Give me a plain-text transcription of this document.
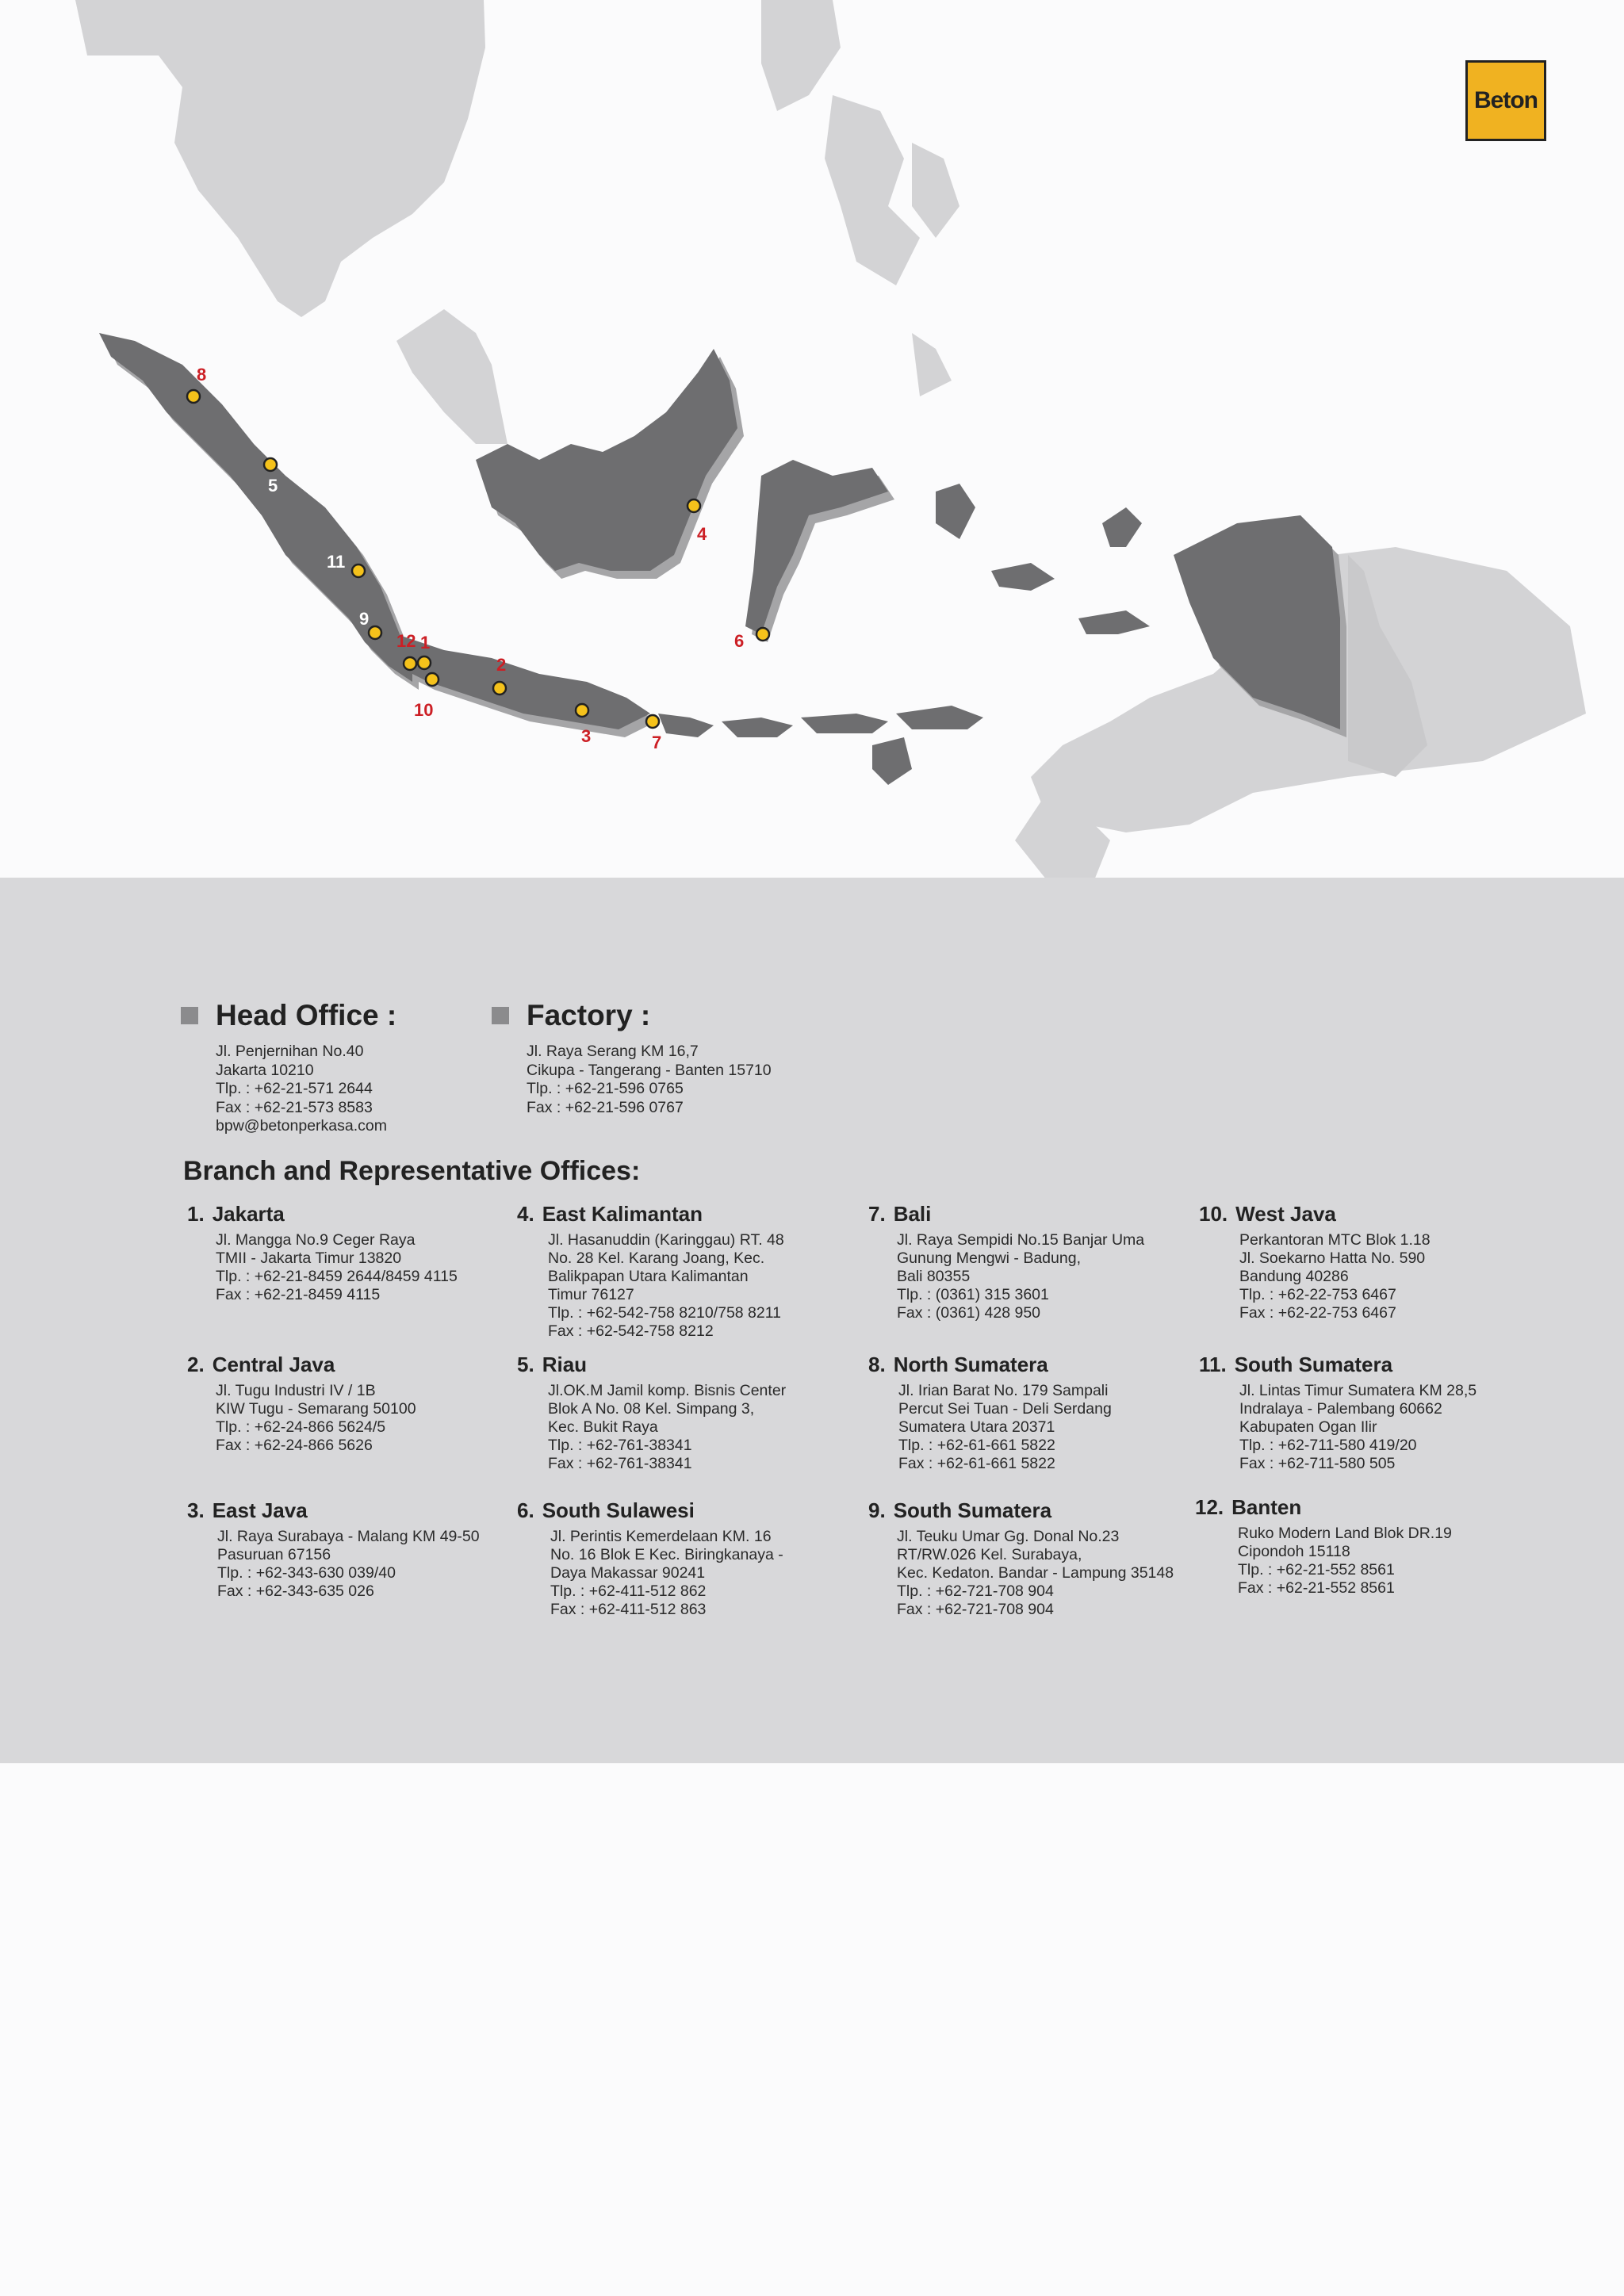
1
2
3
4
5
6
7
8
9
10
11
12
Beton
Head Office :
Jl. Penjernihan No.40
Jakarta 10210
Tlp. : +62-21-571 2644
Fax : +62-21-573 8583
bpw@betonperkasa.com
Factory :
Jl. Raya Serang KM 16,7
Cikupa - Tangerang - Banten 15710
Tlp. : +62-21-596 0765
Fax : +62-21-596 0767
Branch and Representative Offices:
1. Jakarta
Jl. Mangga No.9 Ceger Raya
TMII - Jakarta Timur 13820
Tlp. : +62-21-8459 2644/8459 4115
Fax : +62-21-8459 4115
2. Central Java
Jl. Tugu Industri IV / 1B
KIW Tugu - Semarang 50100
Tlp. : +62-24-866 5624/5
Fax : +62-24-866 5626
3. East Java
Jl. Raya Surabaya - Malang KM 49-50
Pasuruan 67156
Tlp. : +62-343-630 039/40
Fax : +62-343-635 026
4. East Kalimantan
Jl. Hasanuddin (Karinggau) RT. 48
No. 28 Kel. Karang Joang, Kec.
Balikpapan Utara Kalimantan
Timur 76127
Tlp. : +62-542-758 8210/758 8211
Fax : +62-542-758 8212
5. Riau
Jl.OK.M Jamil komp. Bisnis Center
Blok A No. 08 Kel. Simpang 3,
Kec. Bukit Raya
Tlp. : +62-761-38341
Fax : +62-761-38341
6. South Sulawesi
Jl. Perintis Kemerdelaan KM. 16
No. 16 Blok E Kec. Biringkanaya -
Daya Makassar 90241
Tlp. : +62-411-512 862
Fax : +62-411-512 863
7. Bali
Jl. Raya Sempidi No.15 Banjar Uma
Gunung Mengwi - Badung,
Bali 80355
Tlp. : (0361) 315 3601
Fax : (0361) 428 950
8. North Sumatera
Jl. Irian Barat No. 179 Sampali
Percut Sei Tuan - Deli Serdang
Sumatera Utara 20371
Tlp. : +62-61-661 5822
Fax : +62-61-661 5822
9. South Sumatera
Jl. Teuku Umar Gg. Donal No.23
RT/RW.026 Kel. Surabaya,
Kec. Kedaton. Bandar - Lampung 35148
Tlp. : +62-721-708 904
Fax : +62-721-708 904
10. West Java
Perkantoran MTC Blok 1.18
Jl. Soekarno Hatta No. 590
Bandung 40286
Tlp. : +62-22-753 6467
Fax : +62-22-753 6467
11. South Sumatera
Jl. Lintas Timur Sumatera KM 28,5
Indralaya - Palembang 60662
Kabupaten Ogan Ilir
Tlp. : +62-711-580 419/20
Fax : +62-711-580 505
12. Banten
Ruko Modern Land Blok DR.19
Cipondoh 15118
Tlp. : +62-21-552 8561
Fax : +62-21-552 8561
